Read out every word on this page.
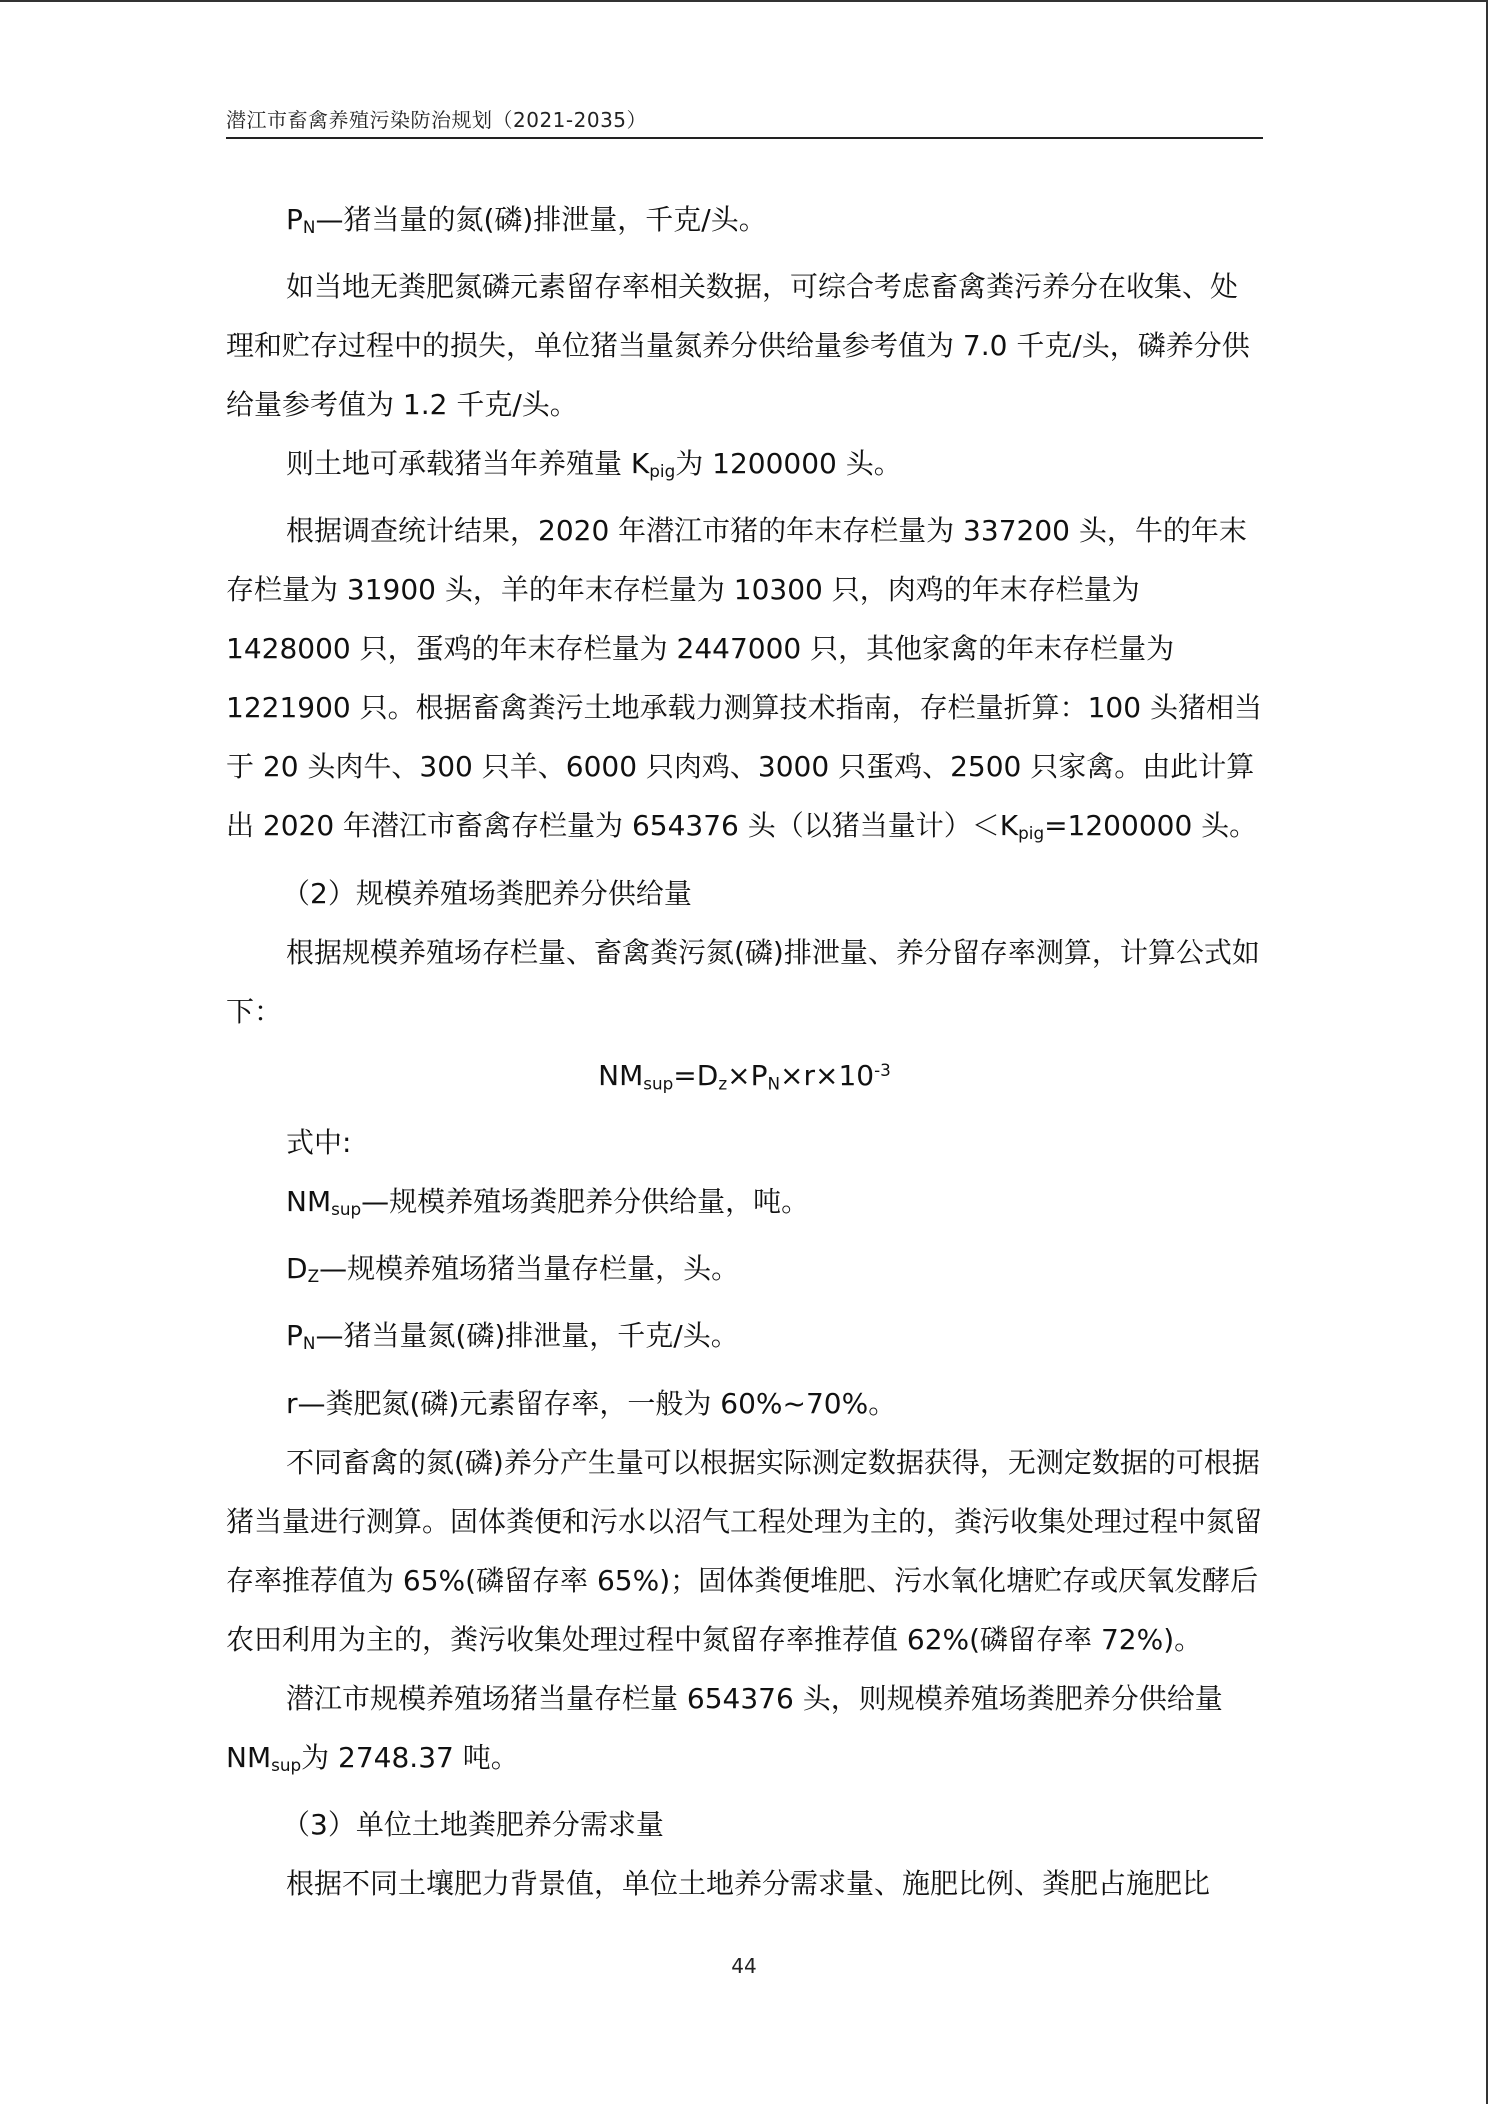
潜江市畜禽养殖污染防治规划（2021-2035）

$P_N—$猪当量的氮(磷)排泄量，千克/头。

如当地无粪肥氮磷元素留存率相关数据，可综合考虑畜禽粪污养分在收集、处理和贮存过程中的损失，单位猪当量氮养分供给量参考值为 7.0 千克/头，磷养分供给量参考值为 1.2 千克/头。

则土地可承载猪当年养殖量 $K_{pig}$为 1200000 头。

根据调查统计结果，2020 年潜江市猪的年末存栏量为 337200 头，牛的年末存栏量为 31900 头，羊的年末存栏量为 10300 只，肉鸡的年末存栏量为 1428000 只，蛋鸡的年末存栏量为 2447000 只，其他家禽的年末存栏量为 1221900 只。根据畜禽粪污土地承载力测算技术指南，存栏量折算：100 头猪相当于 20 头肉牛、300 只羊、6000 只肉鸡、3000 只蛋鸡、2500 只家禽。由此计算出 2020 年潜江市畜禽存栏量为 654376 头（以猪当量计）$<K_{pig}=1200000$ 头。

（2）规模养殖场粪肥养分供给量

根据规模养殖场存栏量、畜禽粪污氮(磷)排泄量、养分留存率测算，计算公式如下：

$NM_{sup}=D_z\times P_N\times r\times 10^{-3}$

式中:

$NM_{sup}—$规模养殖场粪肥养分供给量，吨。

$D_Z—$规模养殖场猪当量存栏量，头。

$P_N—$猪当量氮(磷)排泄量，千克/头。

r—粪肥氮(磷)元素留存率，一般为 60%~70%。

不同畜禽的氮(磷)养分产生量可以根据实际测定数据获得，无测定数据的可根据猪当量进行测算。固体粪便和污水以沼气工程处理为主的，粪污收集处理过程中氮留存率推荐值为 65%(磷留存率 65%)；固体粪便堆肥、污水氧化塘贮存或厌氧发酵后农田利用为主的，粪污收集处理过程中氮留存率推荐值 62%(磷留存率 72%)。

潜江市规模养殖场猪当量存栏量 654376 头，则规模养殖场粪肥养分供给量 $NM_{sup}$为 2748.37 吨。

（3）单位土地粪肥养分需求量

根据不同土壤肥力背景值，单位土地养分需求量、施肥比例、粪肥占施肥比

44
